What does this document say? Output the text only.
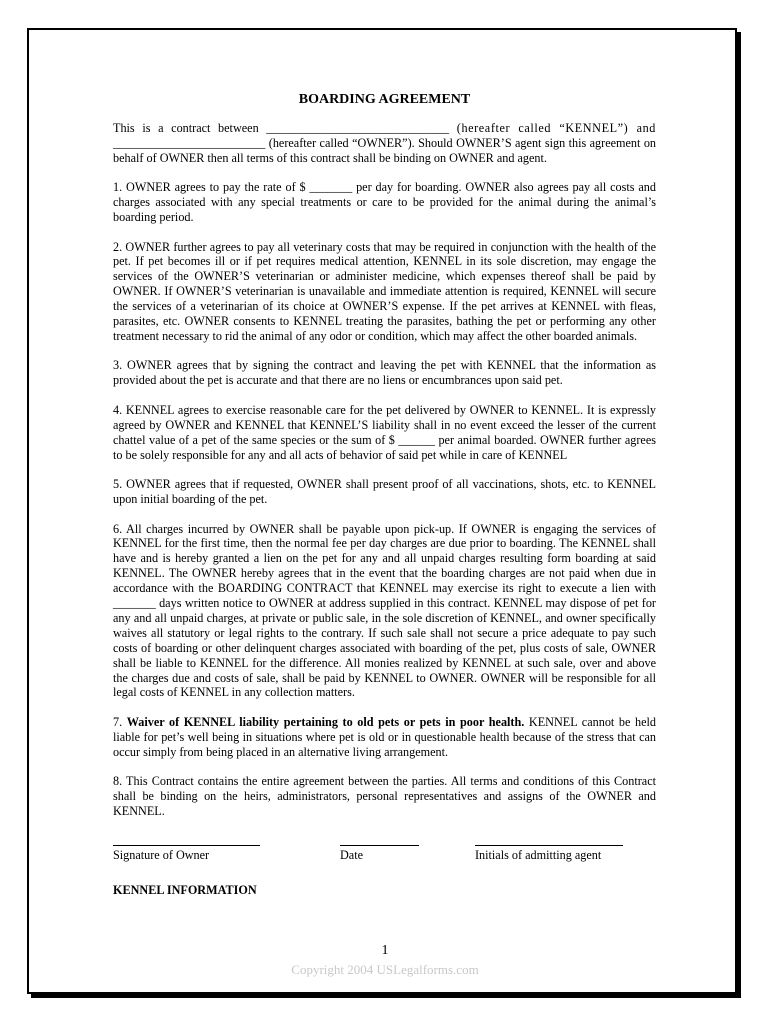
BOARDING AGREEMENT

This is a contract between ______________________________ (hereafter called “KENNEL”) and _________________________ (hereafter called “OWNER”). Should OWNER’S agent sign this agreement on behalf of OWNER then all terms of this contract shall be binding on OWNER and agent.

1. OWNER agrees to pay the rate of $ _______ per day for boarding. OWNER also agrees pay all costs and charges associated with any special treatments or care to be provided for the animal during the animal’s boarding period.

2. OWNER further agrees to pay all veterinary costs that may be required in conjunction with the health of the pet. If pet becomes ill or if pet requires medical attention, KENNEL in its sole discretion, may engage the services of the OWNER’S veterinarian or administer medicine, which expenses thereof shall be paid by OWNER. If OWNER’S veterinarian is unavailable and immediate attention is required, KENNEL will secure the services of a veterinarian of its choice at OWNER’S expense. If the pet arrives at KENNEL with fleas, parasites, etc. OWNER consents to KENNEL treating the parasites, bathing the pet or performing any other treatment necessary to rid the animal of any odor or condition, which may affect the other boarded animals.

3. OWNER agrees that by signing the contract and leaving the pet with KENNEL that the information as provided about the pet is accurate and that there are no liens or encumbrances upon said pet.

4. KENNEL agrees to exercise reasonable care for the pet delivered by OWNER to KENNEL. It is expressly agreed by OWNER and KENNEL that KENNEL’S liability shall in no event exceed the lesser of the current chattel value of a pet of the same species or the sum of $ ______ per animal boarded. OWNER further agrees to be solely responsible for any and all acts of behavior of said pet while in care of KENNEL

5. OWNER agrees that if requested, OWNER shall present proof of all vaccinations, shots, etc. to KENNEL upon initial boarding of the pet.

6. All charges incurred by OWNER shall be payable upon pick-up. If OWNER is engaging the services of KENNEL for the first time, then the normal fee per day charges are due prior to boarding. The KENNEL shall have and is hereby granted a lien on the pet for any and all unpaid charges resulting form boarding at said KENNEL. The OWNER hereby agrees that in the event that the boarding charges are not paid when due in accordance with the BOARDING CONTRACT that KENNEL may exercise its right to execute a lien with _______ days written notice to OWNER at address supplied in this contract. KENNEL may dispose of pet for any and all unpaid charges, at private or public sale, in the sole discretion of KENNEL, and owner specifically waives all statutory or legal rights to the contrary. If such sale shall not secure a price adequate to pay such costs of boarding or other delinquent charges associated with boarding of the pet, plus costs of sale, OWNER shall be liable to KENNEL for the difference. All monies realized by KENNEL at such sale, over and above the charges due and costs of sale, shall be paid by KENNEL to OWNER. OWNER will be responsible for all legal costs of KENNEL in any collection matters.

7. Waiver of KENNEL liability pertaining to old pets or pets in poor health. KENNEL cannot be held liable for pet’s well being in situations where pet is old or in questionable health because of the stress that can occur simply from being placed in an alternative living arrangement.

8. This Contract contains the entire agreement between the parties. All terms and conditions of this Contract shall be binding on the heirs, administrators, personal representatives and assigns of the OWNER and KENNEL.

Signature of Owner	Date	Initials of admitting agent
KENNEL INFORMATION
1
Copyright 2004 USLegalforms.com
